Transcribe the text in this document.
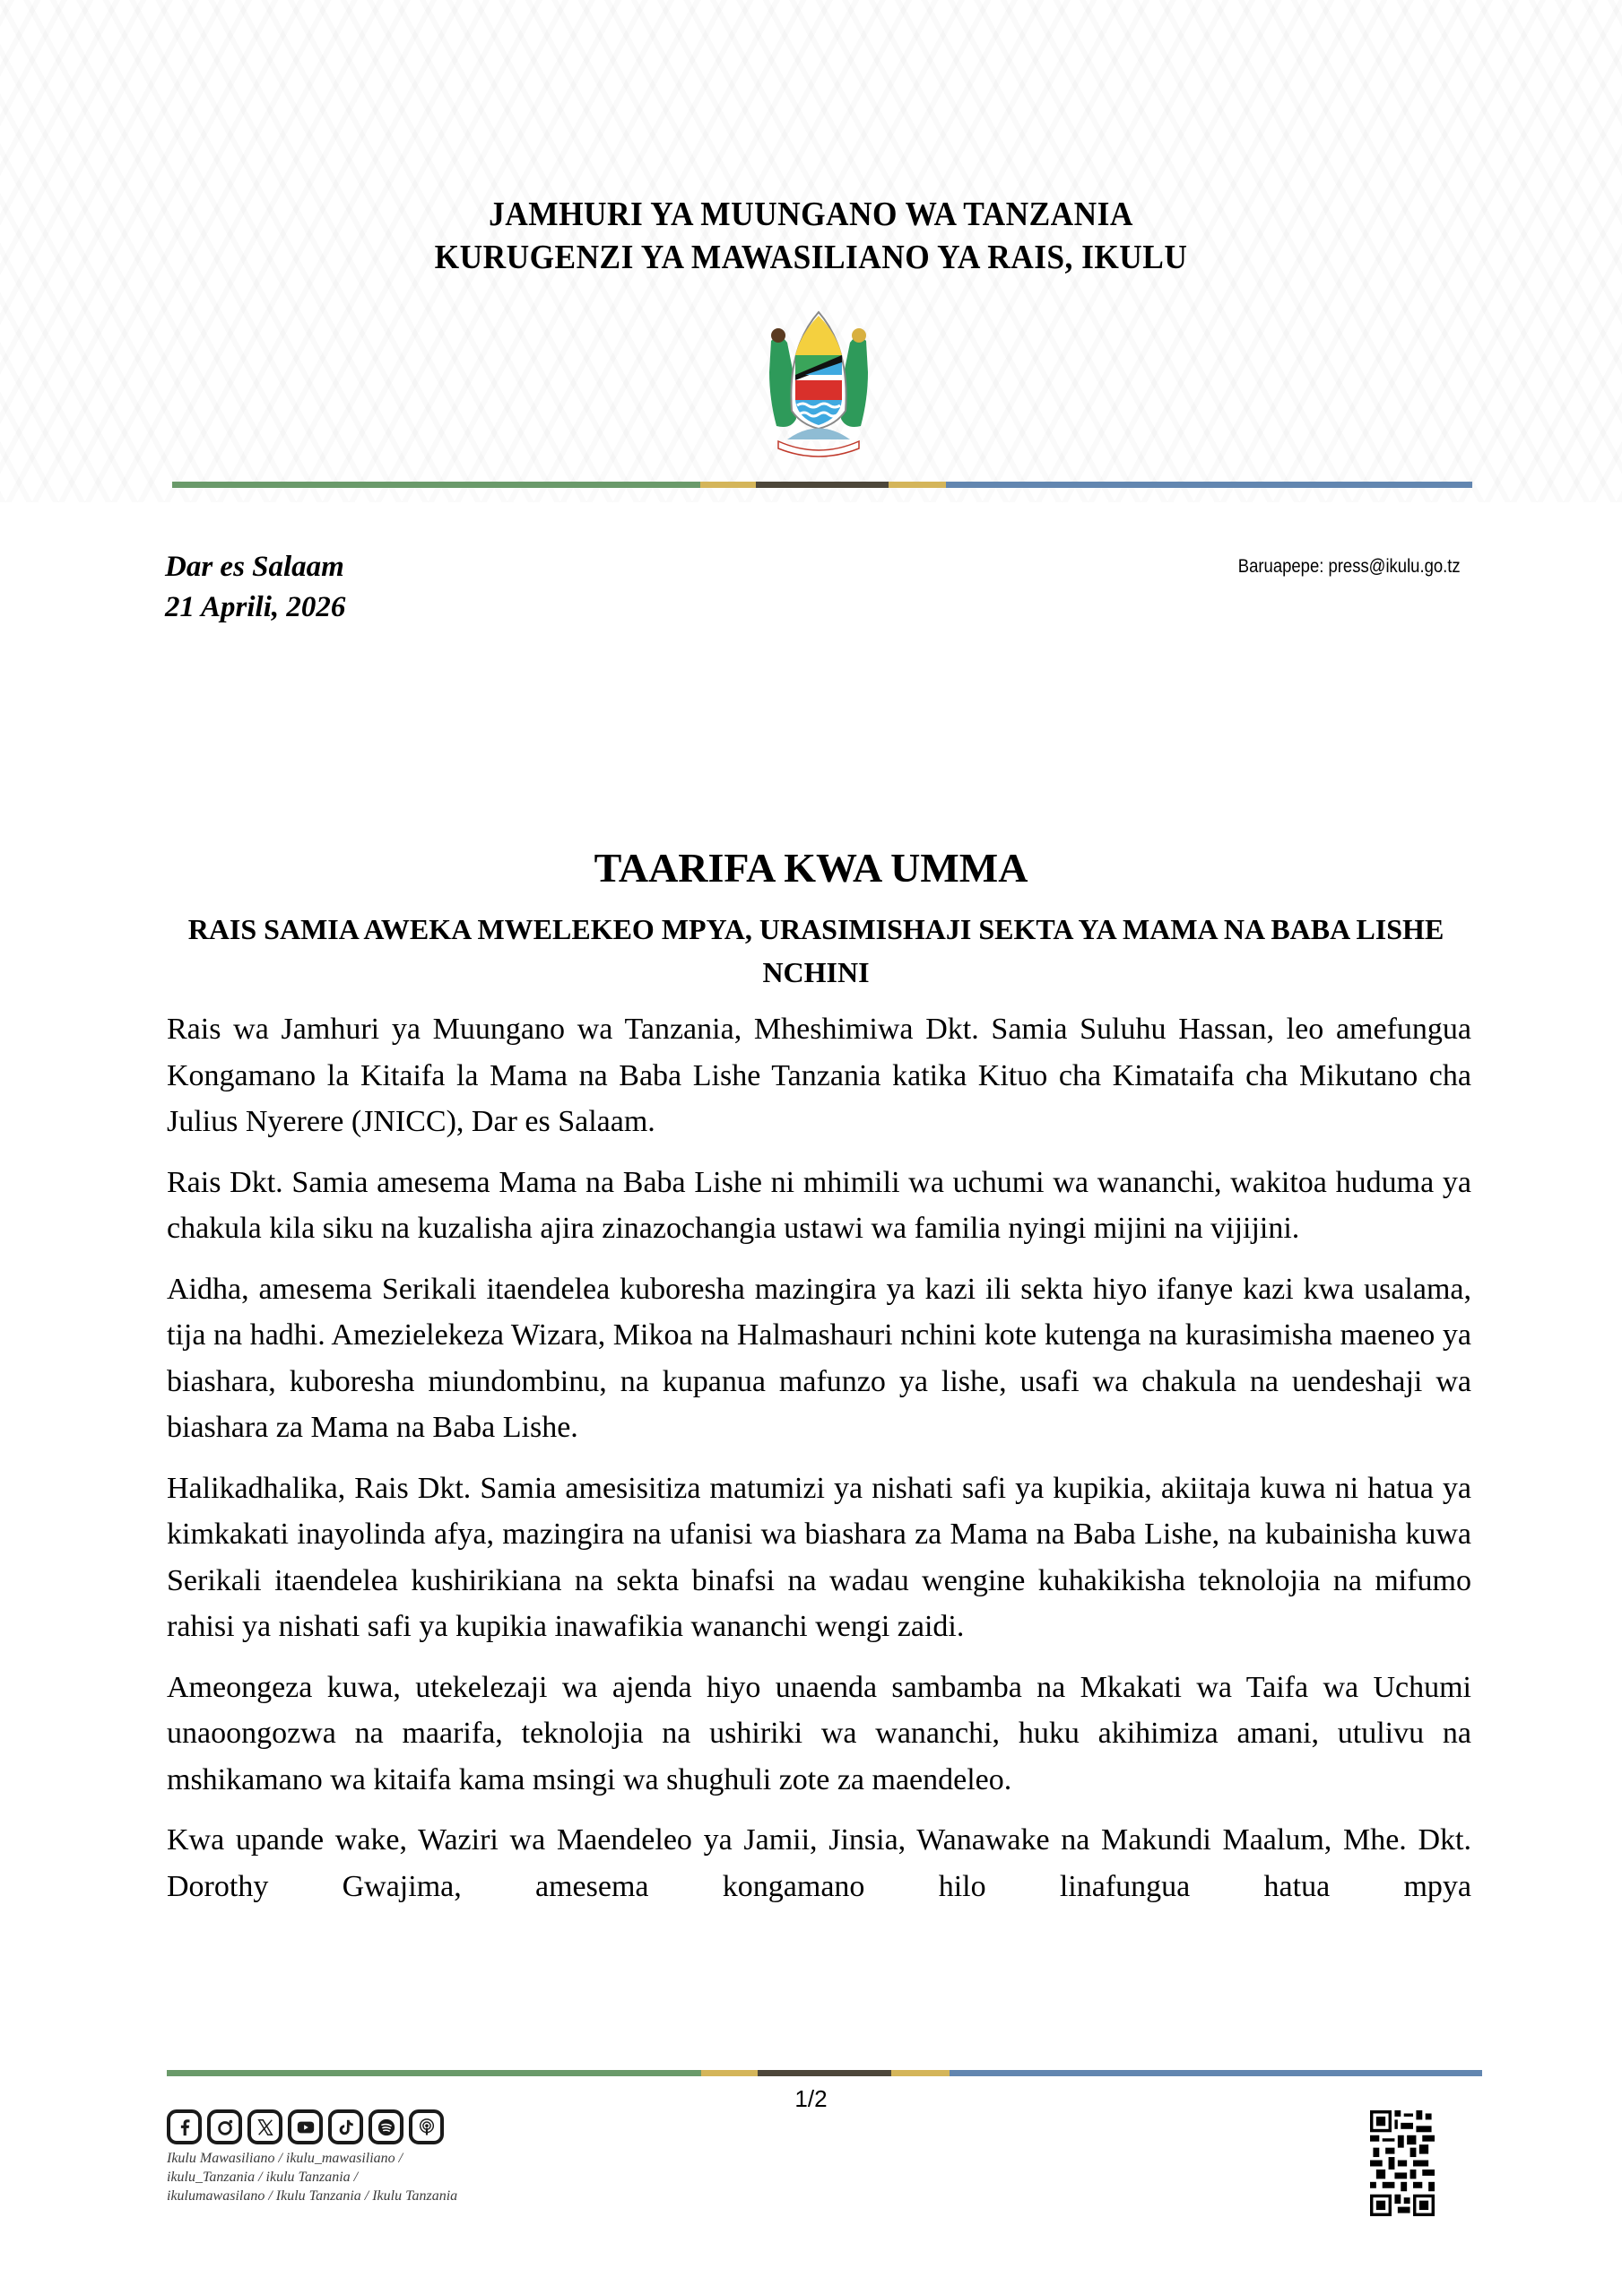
JAMHURI YA MUUNGANO WA TANZANIA
KURUGENZI YA MAWASILIANO YA RAIS, IKULU
Dar es Salaam
21 Aprili, 2026
Baruapepe: press@ikulu.go.tz
TAARIFA KWA UMMA
RAIS SAMIA AWEKA MWELEKEO MPYA, URASIMISHAJI SEKTA YA MAMA NA BABA LISHE NCHINI

Rais wa Jamhuri ya Muungano wa Tanzania, Mheshimiwa Dkt. Samia Suluhu Hassan, leo amefungua Kongamano la Kitaifa la Mama na Baba Lishe Tanzania katika Kituo cha Kimataifa cha Mikutano cha Julius Nyerere (JNICC), Dar es Salaam.

Rais Dkt. Samia amesema Mama na Baba Lishe ni mhimili wa uchumi wa wananchi, wakitoa huduma ya chakula kila siku na kuzalisha ajira zinazochangia ustawi wa familia nyingi mijini na vijijini.

Aidha, amesema Serikali itaendelea kuboresha mazingira ya kazi ili sekta hiyo ifanye kazi kwa usalama, tija na hadhi. Amezielekeza Wizara, Mikoa na Halmashauri nchini kote kutenga na kurasimisha maeneo ya biashara, kuboresha miundombinu, na kupanua mafunzo ya lishe, usafi wa chakula na uendeshaji wa biashara za Mama na Baba Lishe.

Halikadhalika, Rais Dkt. Samia amesisitiza matumizi ya nishati safi ya kupikia, akiitaja kuwa ni hatua ya kimkakati inayolinda afya, mazingira na ufanisi wa biashara za Mama na Baba Lishe, na kubainisha kuwa Serikali itaendelea kushirikiana na sekta binafsi na wadau wengine kuhakikisha teknolojia na mifumo rahisi ya nishati safi ya kupikia inawafikia wananchi wengi zaidi.

Ameongeza kuwa, utekelezaji wa ajenda hiyo unaenda sambamba na Mkakati wa Taifa wa Uchumi unaoongozwa na maarifa, teknolojia na ushiriki wa wananchi, huku akihimiza amani, utulivu na mshikamano wa kitaifa kama msingi wa shughuli zote za maendeleo.

Kwa upande wake, Waziri wa Maendeleo ya Jamii, Jinsia, Wanawake na Makundi Maalum, Mhe. Dkt. Dorothy Gwajima, amesema kongamano hilo linafungua hatua mpya

1/2
Ikulu Mawasiliano / ikulu_mawasiliano /
ikulu_Tanzania / ikulu Tanzania /
ikulumawasilano / Ikulu Tanzania / Ikulu Tanzania
